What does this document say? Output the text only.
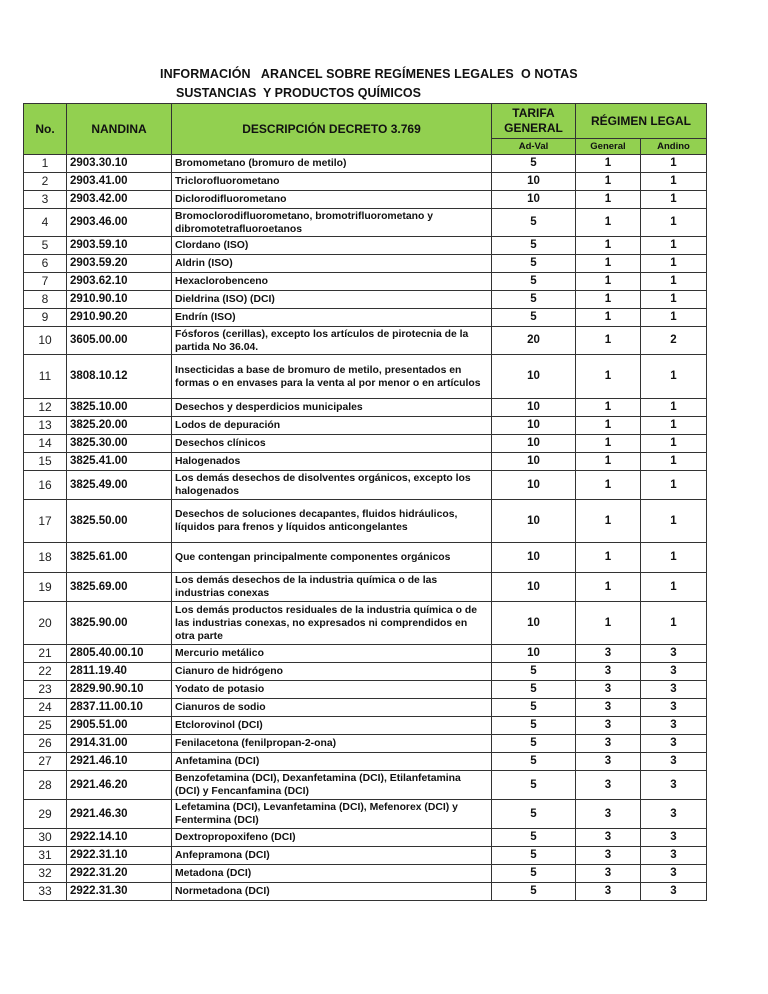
INFORMACIÓN   ARANCEL SOBRE REGÍMENES LEGALES  O NOTAS
SUSTANCIAS  Y PRODUCTOS QUÍMICOS
No.	NANDINA	DESCRIPCIÓN DECRETO 3.769	TARIFA GENERAL	RÉGIMEN LEGAL	
			Ad-Val	General	Andino
1	2903.30.10	Bromometano (bromuro de metilo)	5	1	1
2	2903.41.00	Triclorofluorometano	10	1	1
3	2903.42.00	Diclorodifluorometano	10	1	1
4	2903.46.00	Bromoclorodifluorometano, bromotrifluorometano y dibromotetrafluoroetanos	5	1	1
5	2903.59.10	Clordano (ISO)	5	1	1
6	2903.59.20	Aldrin (ISO)	5	1	1
7	2903.62.10	Hexaclorobenceno	5	1	1
8	2910.90.10	Dieldrina (ISO) (DCI)	5	1	1
9	2910.90.20	Endrín (ISO)	5	1	1
10	3605.00.00	Fósforos (cerillas), excepto los artículos de pirotecnia de la partida No 36.04.	20	1	2
11	3808.10.12	Insecticidas a base de bromuro de metilo, presentados en formas o en envases para la venta al por menor o en artículos	10	1	1
12	3825.10.00	Desechos y desperdicios municipales	10	1	1
13	3825.20.00	Lodos de depuración	10	1	1
14	3825.30.00	Desechos clínicos	10	1	1
15	3825.41.00	Halogenados	10	1	1
16	3825.49.00	Los demás desechos de disolventes orgánicos, excepto los halogenados	10	1	1
17	3825.50.00	Desechos de soluciones decapantes, fluidos hidráulicos, líquidos para frenos y líquidos anticongelantes	10	1	1
18	3825.61.00	Que contengan principalmente componentes orgánicos	10	1	1
19	3825.69.00	Los demás desechos de la industria química o de las industrias conexas	10	1	1
20	3825.90.00	Los demás productos residuales de la industria química o de las industrias conexas, no expresados ni comprendidos en otra parte	10	1	1
21	2805.40.00.10	Mercurio metálico	10	3	3
22	2811.19.40	Cianuro de hidrógeno	5	3	3
23	2829.90.90.10	Yodato de potasio	5	3	3
24	2837.11.00.10	Cianuros de sodio	5	3	3
25	2905.51.00	Etclorovinol (DCI)	5	3	3
26	2914.31.00	Fenilacetona (fenilpropan-2-ona)	5	3	3
27	2921.46.10	Anfetamina (DCI)	5	3	3
28	2921.46.20	Benzofetamina (DCI), Dexanfetamina (DCI), Etilanfetamina (DCI) y Fencanfamina (DCI)	5	3	3
29	2921.46.30	Lefetamina (DCI), Levanfetamina (DCI), Mefenorex (DCI) y Fentermina (DCI)	5	3	3
30	2922.14.10	Dextropropoxifeno (DCI)	5	3	3
31	2922.31.10	Anfepramona (DCI)	5	3	3
32	2922.31.20	Metadona (DCI)	5	3	3
33	2922.31.30	Normetadona (DCI)	5	3	3
